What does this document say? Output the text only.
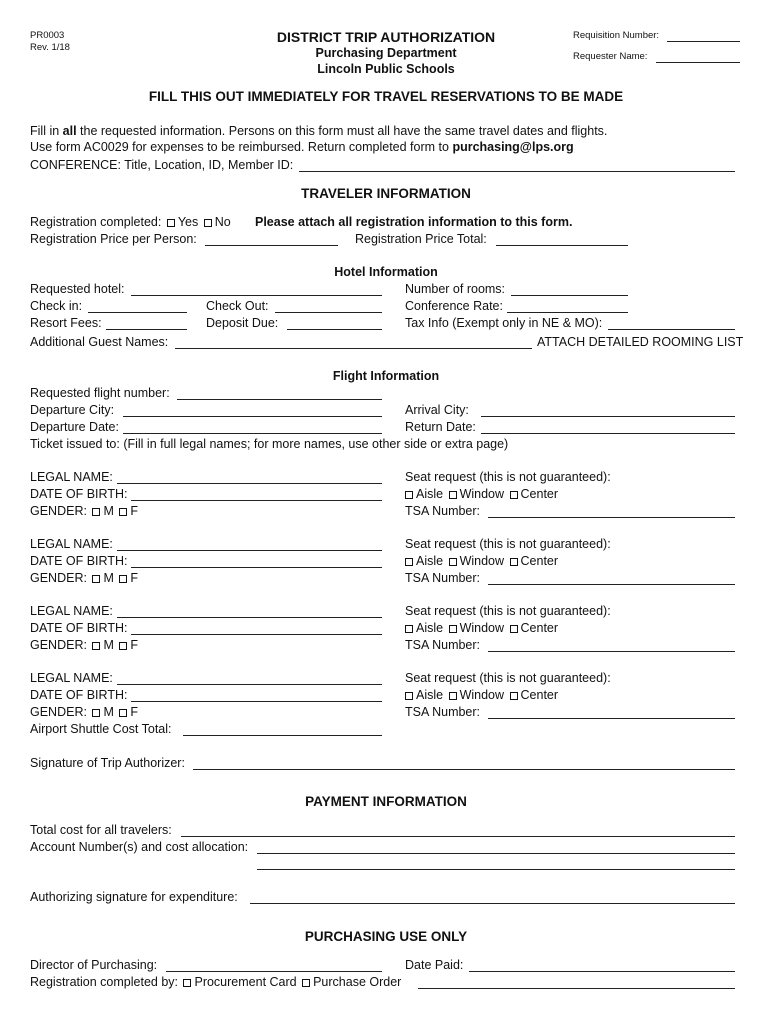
PR0003
Rev. 1/18
DISTRICT TRIP AUTHORIZATION
Purchasing Department
Lincoln Public Schools
Requisition Number:
Requester Name:
FILL THIS OUT IMMEDIATELY FOR TRAVEL RESERVATIONS TO BE MADE
Fill in all the requested information. Persons on this form must all have the same travel dates and flights.
Use form AC0029 for expenses to be reimbursed. Return completed form to purchasing@lps.org
CONFERENCE: Title, Location, ID, Member ID:
TRAVELER INFORMATION
Registration completed: Yes No Please attach all registration information to this form.
Registration Price per Person:	Registration Price Total:
Hotel Information
Requested hotel:	Number of rooms:
Check in:	Check Out:	Conference Rate:
Resort Fees:	Deposit Due:	Tax Info (Exempt only in NE & MO):
Additional Guest Names:	ATTACH DETAILED ROOMING LIST
Flight Information
Requested flight number:
Departure City:	Arrival City:
Departure Date:	Return Date:
Ticket issued to: (Fill in full legal names; for more names, use other side or extra page)
LEGAL NAME:
DATE OF BIRTH:
GENDER: M F
Seat request (this is not guaranteed):
Aisle Window Center
TSA Number:
LEGAL NAME:
DATE OF BIRTH:
GENDER: M F
Seat request (this is not guaranteed):
Aisle Window Center
TSA Number:
LEGAL NAME:
DATE OF BIRTH:
GENDER: M F
Seat request (this is not guaranteed):
Aisle Window Center
TSA Number:
LEGAL NAME:
DATE OF BIRTH:
GENDER: M F
Seat request (this is not guaranteed):
Aisle Window Center
TSA Number:
Airport Shuttle Cost Total:
Signature of Trip Authorizer:
PAYMENT INFORMATION
Total cost for all travelers:
Account Number(s) and cost allocation:
Authorizing signature for expenditure:
PURCHASING USE ONLY
Director of Purchasing:	Date Paid:
Registration completed by: Procurement Card Purchase Order
